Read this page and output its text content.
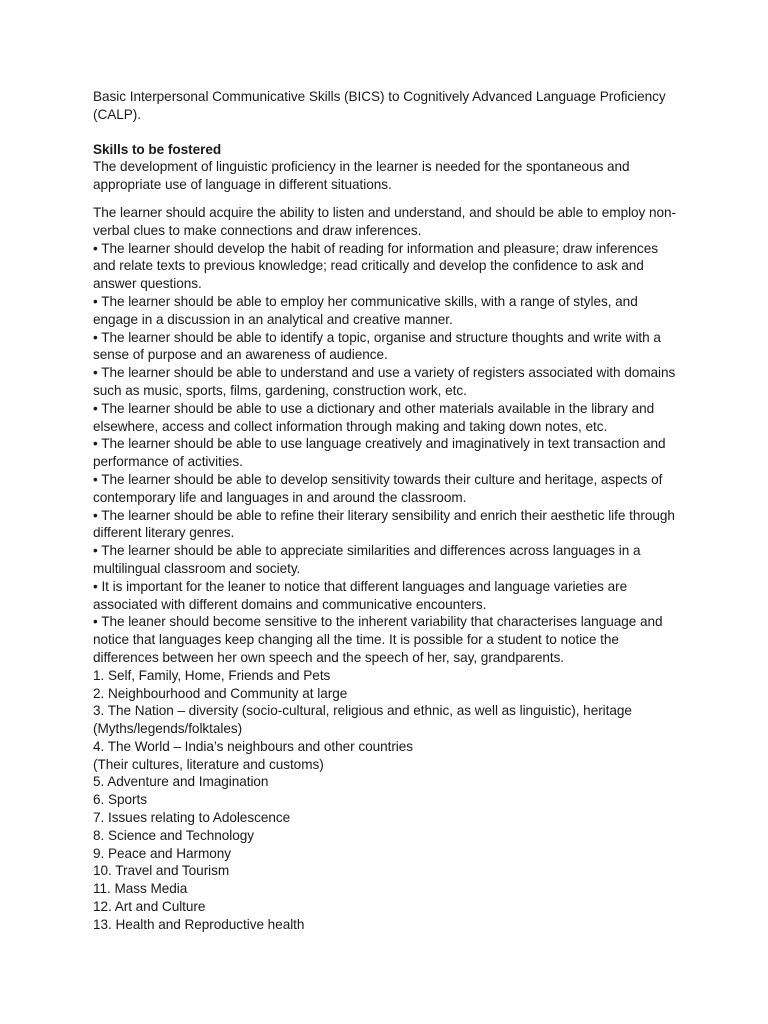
Basic Interpersonal Communicative Skills (BICS) to Cognitively Advanced Language Proficiency (CALP).

Skills to be fostered

The development of linguistic proficiency in the learner is needed for the spontaneous and appropriate use of language in different situations.

The learner should acquire the ability to listen and understand, and should be able to employ non-verbal clues to make connections and draw inferences.

• The learner should develop the habit of reading for information and pleasure; draw inferences and relate texts to previous knowledge; read critically and develop the confidence to ask and answer questions.

• The learner should be able to employ her communicative skills, with a range of styles, and engage in a discussion in an analytical and creative manner.

• The learner should be able to identify a topic, organise and structure thoughts and write with a sense of purpose and an awareness of audience.

• The learner should be able to understand and use a variety of registers associated with domains such as music, sports, films, gardening, construction work, etc.

• The learner should be able to use a dictionary and other materials available in the library and elsewhere, access and collect information through making and taking down notes, etc.

• The learner should be able to use language creatively and imaginatively in text transaction and performance of activities.

• The learner should be able to develop sensitivity towards their culture and heritage, aspects of contemporary life and languages in and around the classroom.

• The learner should be able to refine their literary sensibility and enrich their aesthetic life through different literary genres.

• The learner should be able to appreciate similarities and differences across languages in a multilingual classroom and society.

• It is important for the leaner to notice that different languages and language varieties are associated with different domains and communicative encounters.

• The leaner should become sensitive to the inherent variability that characterises language and notice that languages keep changing all the time. It is possible for a student to notice the differences between her own speech and the speech of her, say, grandparents.

1. Self, Family, Home, Friends and Pets

2. Neighbourhood and Community at large

3. The Nation – diversity (socio-cultural, religious and ethnic, as well as linguistic), heritage (Myths/legends/folktales)

4. The World – India’s neighbours and other countries

(Their cultures, literature and customs)

5. Adventure and Imagination

6. Sports

7. Issues relating to Adolescence

8. Science and Technology

9. Peace and Harmony

10. Travel and Tourism

11. Mass Media

12. Art and Culture

13. Health and Reproductive health
